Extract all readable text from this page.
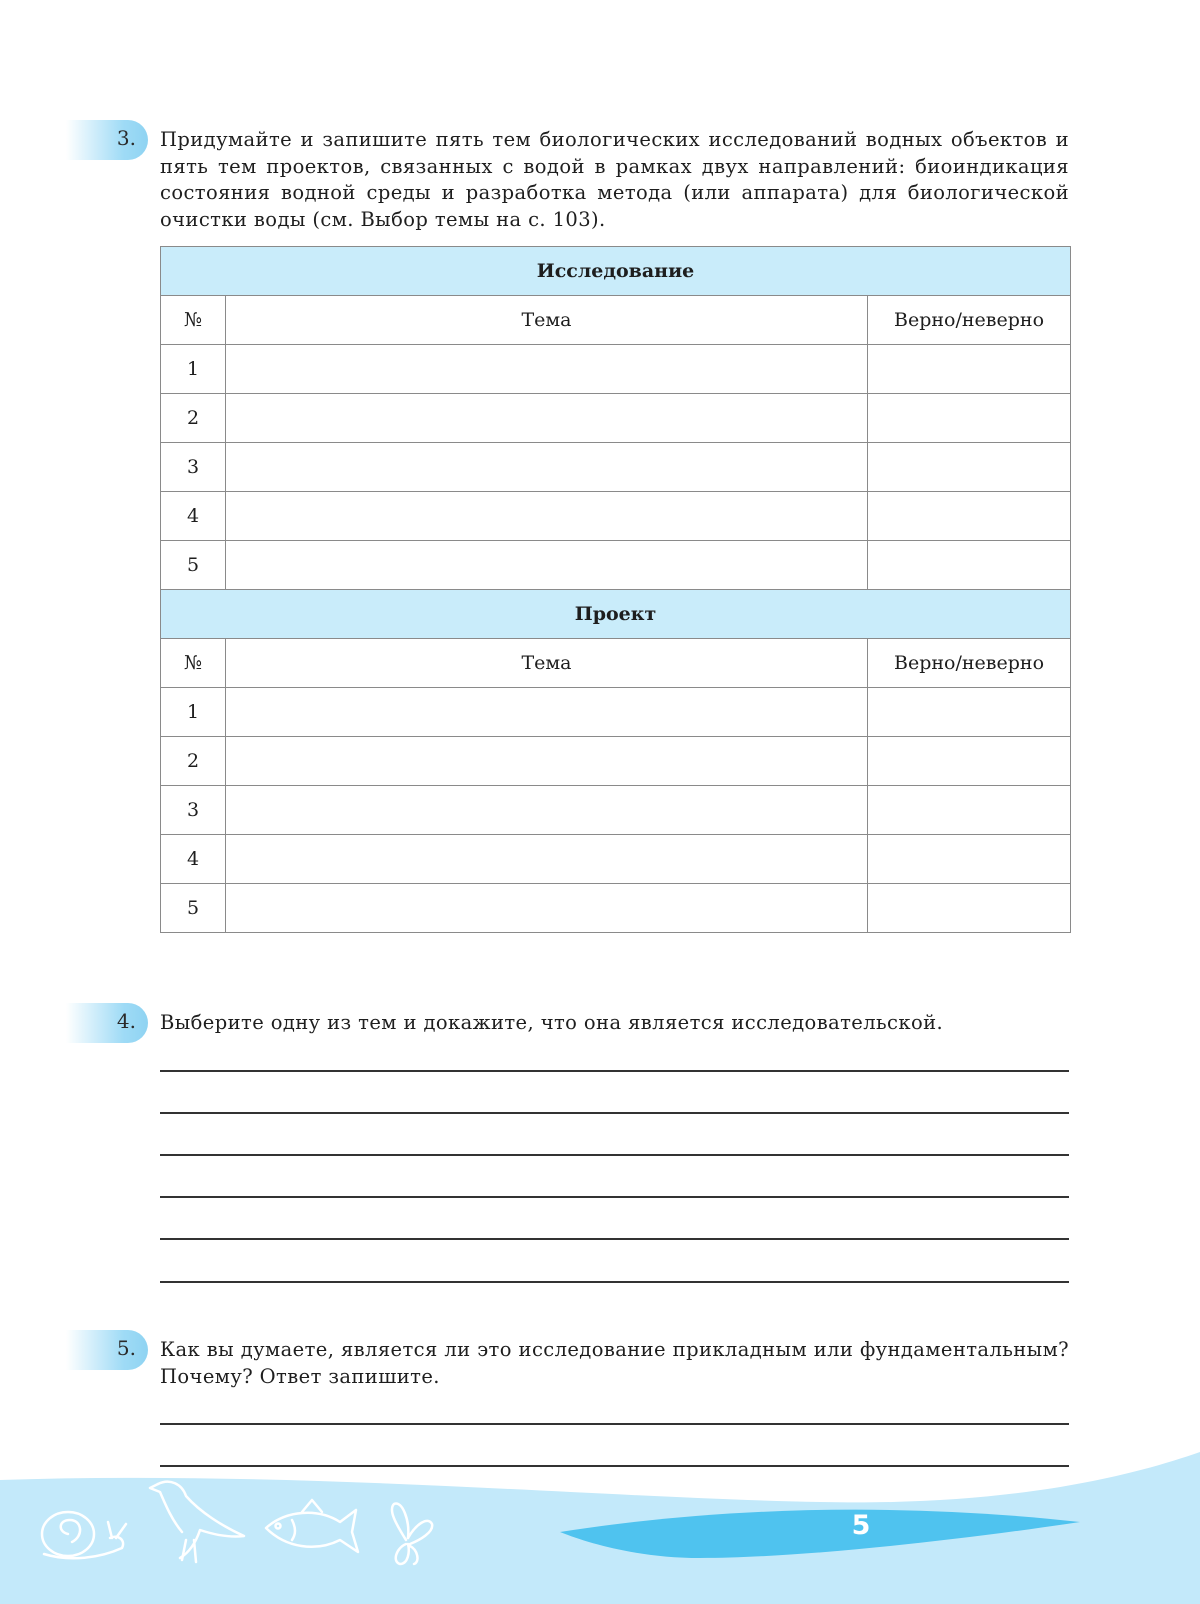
3. Придумайте и запишите пять тем биологических исследований водных объектов и пять тем проектов, связанных с водой в рамках двух направлений: биоиндикация состояния водной среды и разработка метода (или аппарата) для биологической очистки воды (см. Выбор темы на с. 103).
Исследование		
№	Тема	Верно/неверно
1		
2		
3		
4		
5		
Проект		
№	Тема	Верно/неверно
1		
2		
3		
4		
5		
4. Выберите одну из тем и докажите, что она является исследовательской.
5. Как вы думаете, является ли это исследование прикладным или фундаментальным? Почему? Ответ запишите.
5
